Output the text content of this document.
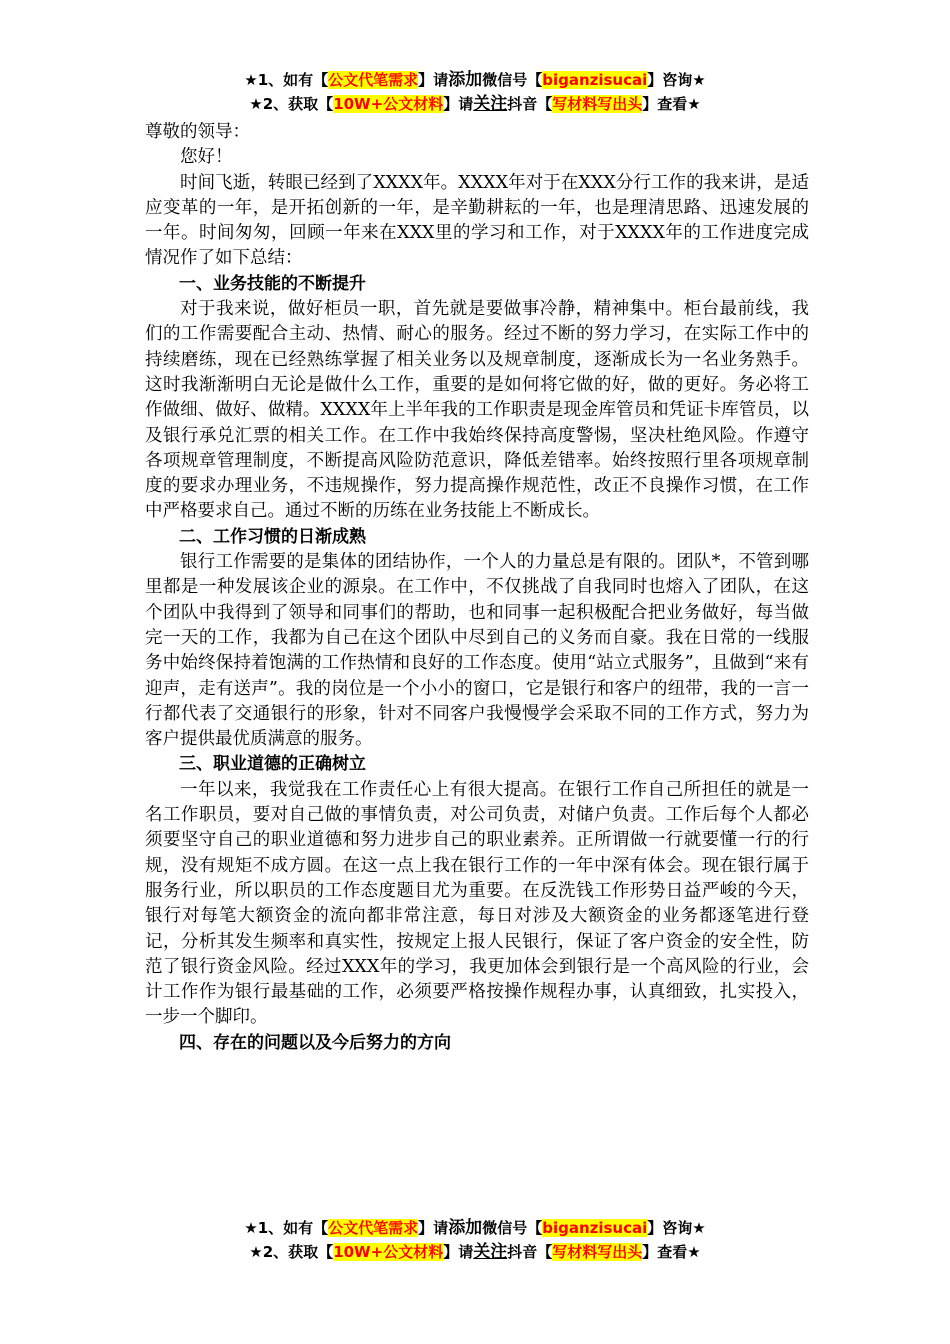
★1、如有【公文代笔需求】请添加微信号【biganzisucai】咨询★
★2、获取【10W+公文材料】请关注抖音【写材料写出头】查看★

尊敬的领导：

您好！

时间飞逝，转眼已经到了XXXX年。XXXX年对于在XXX分行工作的我来讲，是适应变革的一年，是开拓创新的一年，是辛勤耕耘的一年，也是理清思路、迅速发展的一年。时间匆匆，回顾一年来在XXX里的学习和工作，对于XXXX年的工作进度完成情况作了如下总结：

一、业务技能的不断提升

对于我来说，做好柜员一职，首先就是要做事冷静，精神集中。柜台最前线，我们的工作需要配合主动、热情、耐心的服务。经过不断的努力学习，在实际工作中的持续磨练，现在已经熟练掌握了相关业务以及规章制度，逐渐成长为一名业务熟手。这时我渐渐明白无论是做什么工作，重要的是如何将它做的好，做的更好。务必将工作做细、做好、做精。XXXX年上半年我的工作职责是现金库管员和凭证卡库管员，以及银行承兑汇票的相关工作。在工作中我始终保持高度警惕，坚决杜绝风险。作遵守各项规章管理制度，不断提高风险防范意识，降低差错率。始终按照行里各项规章制度的要求办理业务，不违规操作，努力提高操作规范性，改正不良操作习惯，在工作中严格要求自己。通过不断的历练在业务技能上不断成长。

二、工作习惯的日渐成熟

银行工作需要的是集体的团结协作，一个人的力量总是有限的。团队*，不管到哪里都是一种发展该企业的源泉。在工作中，不仅挑战了自我同时也熔入了团队，在这个团队中我得到了领导和同事们的帮助，也和同事一起积极配合把业务做好，每当做完一天的工作，我都为自己在这个团队中尽到自己的义务而自豪。我在日常的一线服务中始终保持着饱满的工作热情和良好的工作态度。使用“站立式服务”，且做到“来有迎声，走有送声”。我的岗位是一个小小的窗口，它是银行和客户的纽带，我的一言一行都代表了交通银行的形象，针对不同客户我慢慢学会采取不同的工作方式，努力为客户提供最优质满意的服务。

三、职业道德的正确树立

一年以来，我觉我在工作责任心上有很大提高。在银行工作自己所担任的就是一名工作职员，要对自己做的事情负责，对公司负责，对储户负责。工作后每个人都必须要坚守自己的职业道德和努力进步自己的职业素养。正所谓做一行就要懂一行的行规，没有规矩不成方圆。在这一点上我在银行工作的一年中深有体会。现在银行属于服务行业，所以职员的工作态度题目尤为重要。在反洗钱工作形势日益严峻的今天，银行对每笔大额资金的流向都非常注意，每日对涉及大额资金的业务都逐笔进行登记，分析其发生频率和真实性，按规定上报人民银行，保证了客户资金的安全性，防范了银行资金风险。经过XXX年的学习，我更加体会到银行是一个高风险的行业，会计工作作为银行最基础的工作，必须要严格按操作规程办事，认真细致，扎实投入，一步一个脚印。

四、存在的问题以及今后努力的方向

★1、如有【公文代笔需求】请添加微信号【biganzisucai】咨询★
★2、获取【10W+公文材料】请关注抖音【写材料写出头】查看★
